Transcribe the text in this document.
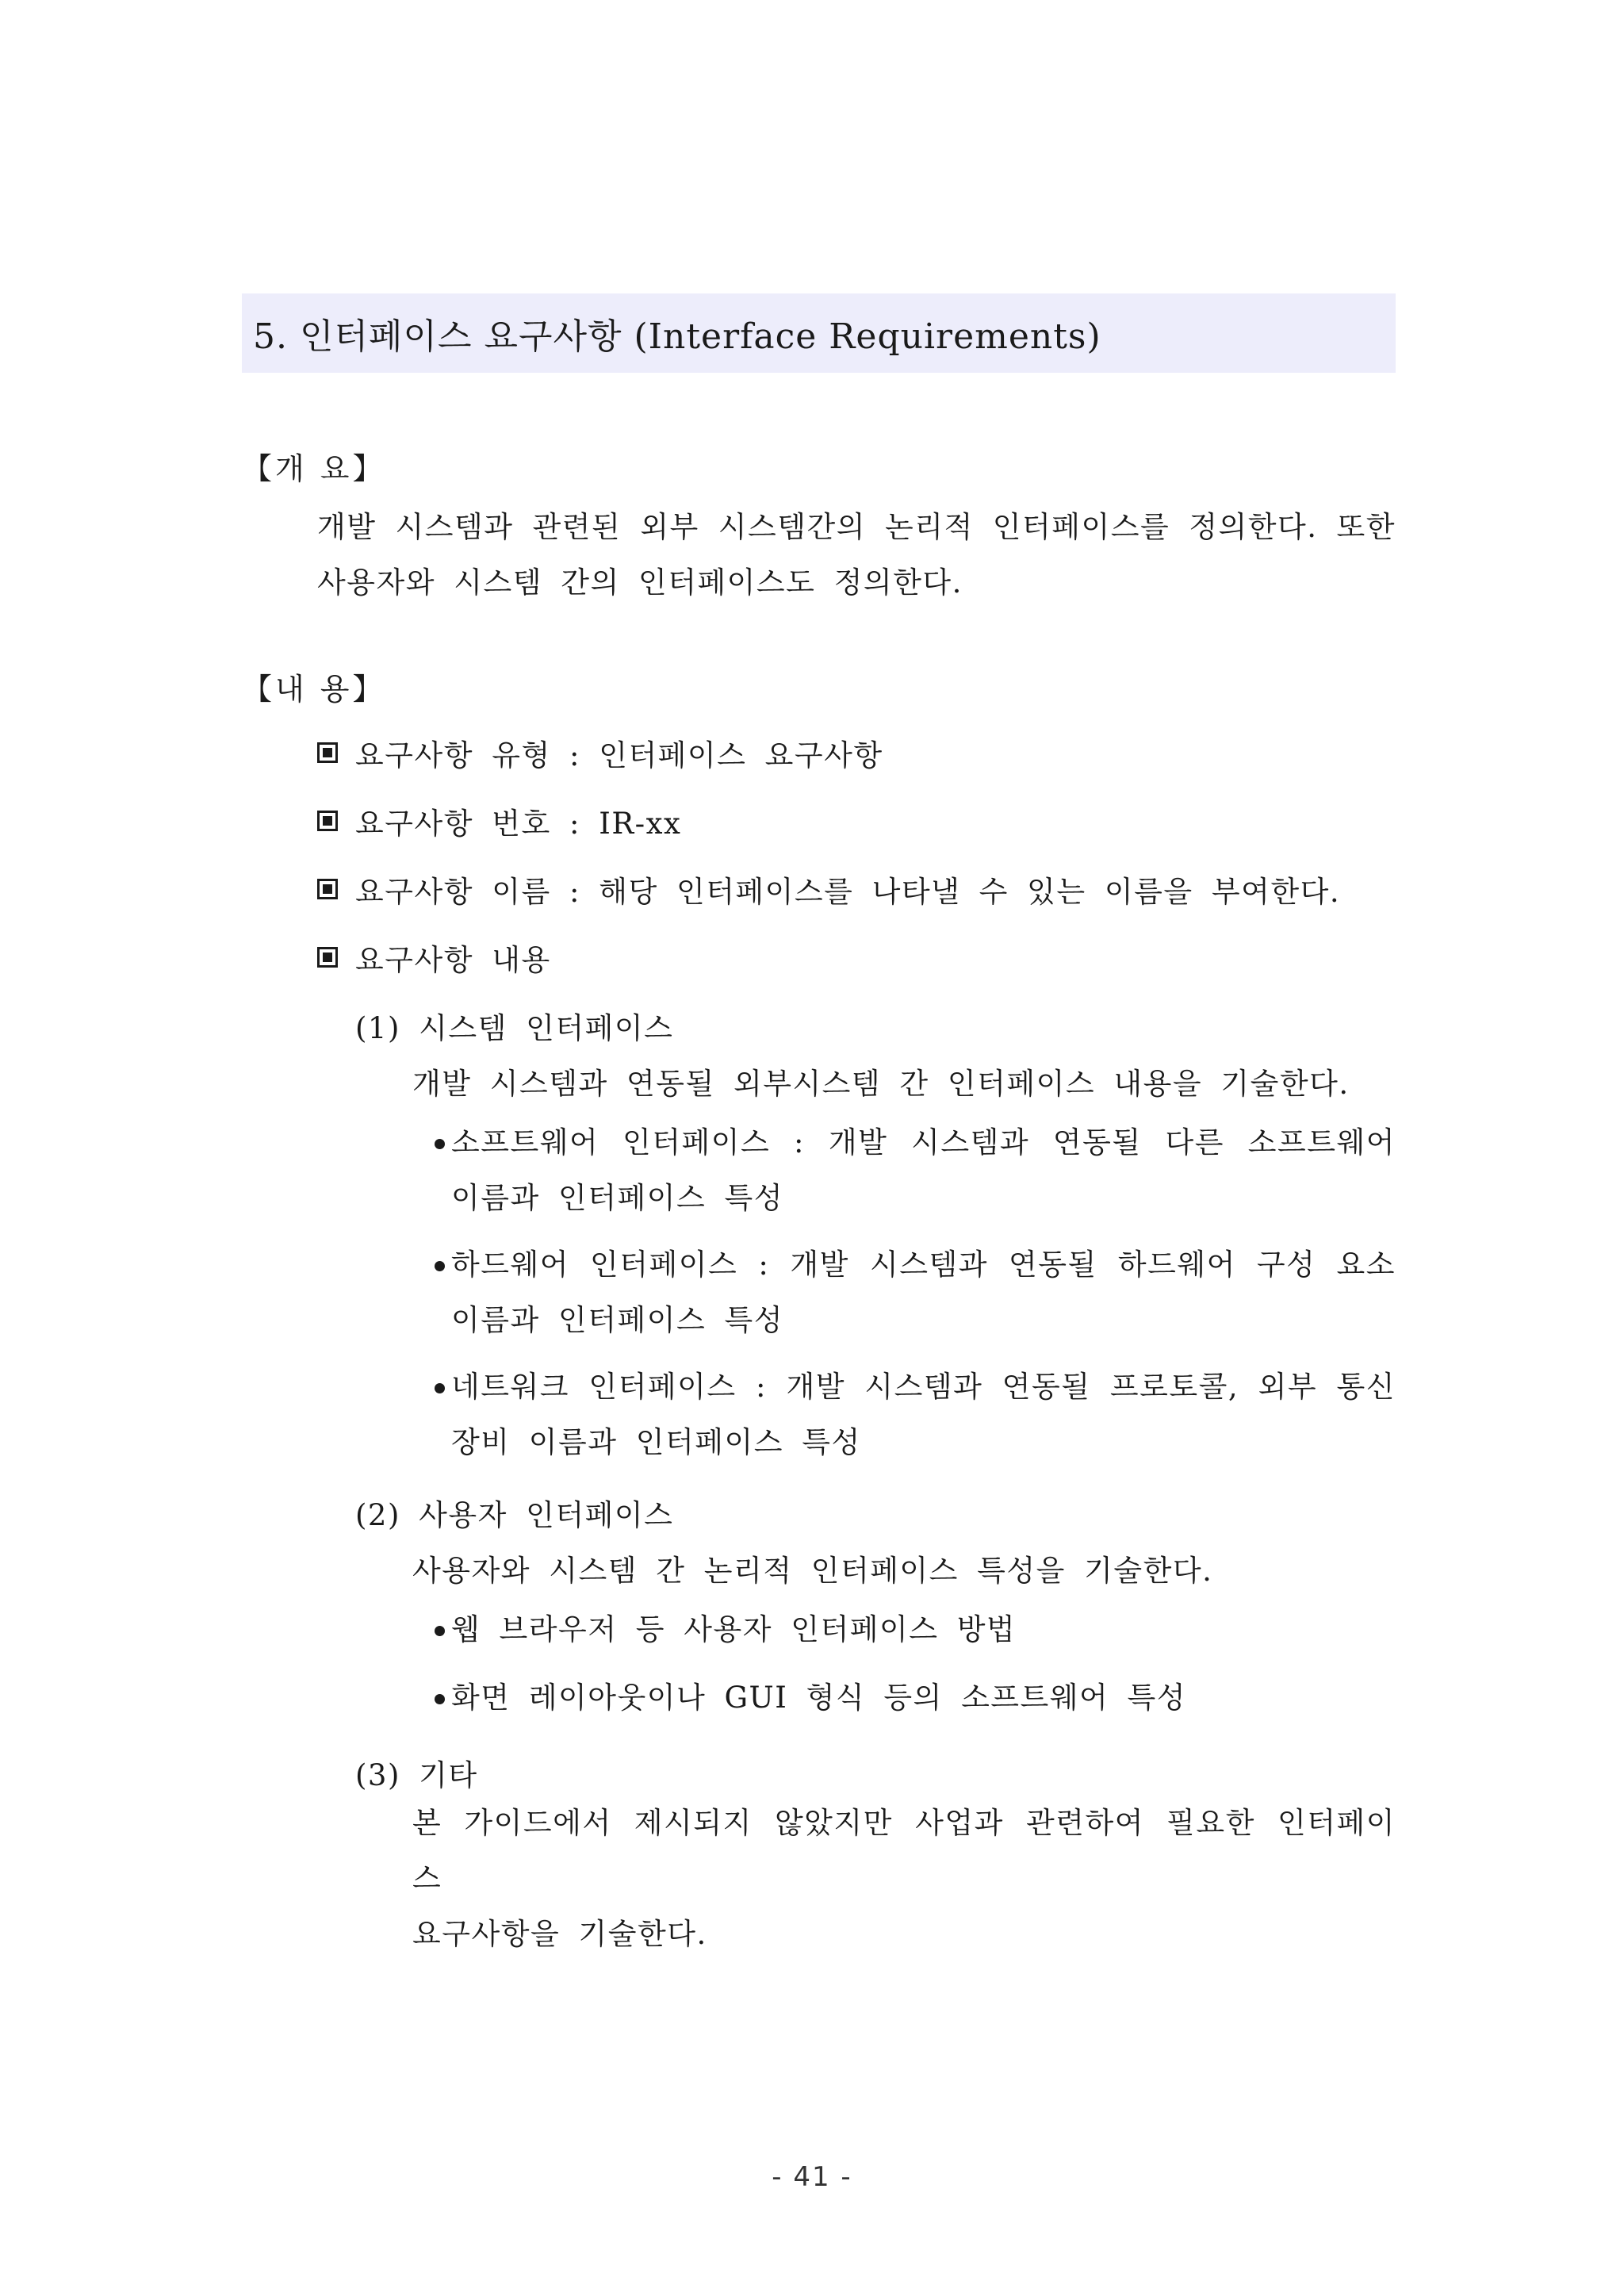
5. 인터페이스 요구사항 (Interface Requirements)
【개 요】
개발 시스템과 관련된 외부 시스템간의 논리적 인터페이스를 정의한다. 또한
사용자와 시스템 간의 인터페이스도 정의한다.
【내 용】
요구사항 유형 : 인터페이스 요구사항
요구사항 번호 : IR-xx
요구사항 이름 : 해당 인터페이스를 나타낼 수 있는 이름을 부여한다.
요구사항 내용
(1) 시스템 인터페이스
개발 시스템과 연동될 외부시스템 간 인터페이스 내용을 기술한다.
소프트웨어 인터페이스 : 개발 시스템과 연동될 다른 소프트웨어
이름과 인터페이스 특성
하드웨어 인터페이스 : 개발 시스템과 연동될 하드웨어 구성 요소
이름과 인터페이스 특성
네트워크 인터페이스 : 개발 시스템과 연동될 프로토콜, 외부 통신
장비 이름과 인터페이스 특성
(2) 사용자 인터페이스
사용자와 시스템 간 논리적 인터페이스 특성을 기술한다.
웹 브라우저 등 사용자 인터페이스 방법
화면 레이아웃이나 GUI 형식 등의 소프트웨어 특성
(3) 기타
본 가이드에서 제시되지 않았지만 사업과 관련하여 필요한 인터페이스
요구사항을 기술한다.
- 41 -
